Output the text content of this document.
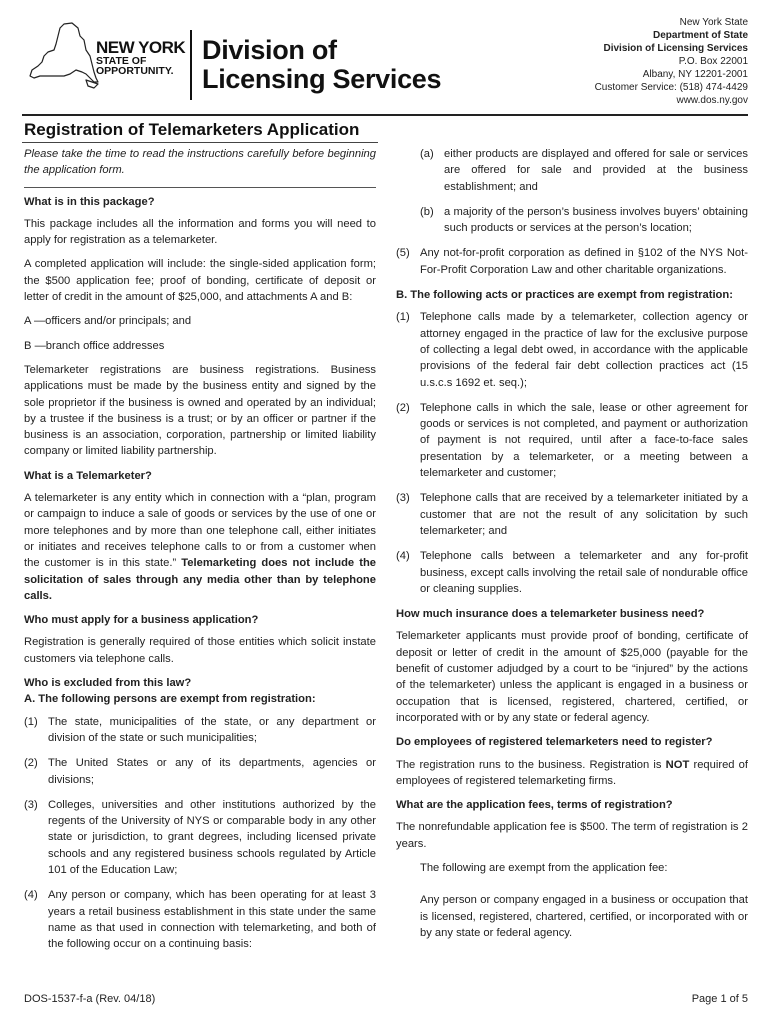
NEW YORK
STATE OF
OPPORTUNITY.
Division of
Licensing Services
New York State
Department of State
Division of Licensing Services
P.O. Box 22001
Albany, NY 12201-2001
Customer Service: (518) 474-4429
www.dos.ny.gov
Registration of Telemarketers Application

Please take the time to read the instructions carefully before beginning the application form.

What is in this package?

This package includes all the information and forms you will need to apply for registration as a telemarketer.

A completed application will include: the single-sided application form; the $500 application fee; proof of bonding, certificate of deposit or letter of credit in the amount of $25,000, and attachments A and B:

A —officers and/or principals; and

B —branch office addresses

Telemarketer registrations are business registrations. Business applications must be made by the business entity and signed by the sole proprietor if the business is owned and operated by an individual; by a trustee if the business is a trust; or by an officer or partner if the business is an association, corporation, partnership or limited liability company or limited liability partnership.

What is a Telemarketer?

A telemarketer is any entity which in connection with a “plan, program or campaign to induce a sale of goods or services by the use of one or more telephones and by more than one telephone call, either initiates or initiates and receives telephone calls to or from a customer when the customer is in this state.” Telemarketing does not include the solicitation of sales through any media other than by telephone calls.

Who must apply for a business application?

Registration is generally required of those entities which solicit instate customers via telephone calls.

Who is excluded from this law?
A. The following persons are exempt from registration:
(1) The state, municipalities of the state, or any department or division of the state or such municipalities;
(2) The United States or any of its departments, agencies or divisions;
(3) Colleges, universities and other institutions authorized by the regents of the University of NYS or comparable body in any other state or jurisdiction, to grant degrees, including licensed private schools and any registered business schools regulated by Article 101 of the Education Law;
(4) Any person or company, which has been operating for at least 3 years a retail business establishment in this state under the same name as that used in connection with telemarketing, and both of the following occur on a continuing basis:
(a) either products are displayed and offered for sale or services are offered for sale and provided at the business establishment; and
(b) a majority of the person’s business involves buyers’ obtaining such products or services at the person’s location;
(5) Any not-for-profit corporation as defined in §102 of the NYS Not-For-Profit Corporation Law and other charitable organizations.
B. The following acts or practices are exempt from registration:
(1) Telephone calls made by a telemarketer, collection agency or attorney engaged in the practice of law for the exclusive purpose of collecting a legal debt owed, in accordance with the applicable provisions of the federal fair debt collection practices act (15 u.s.c.s 1692 et. seq.);
(2) Telephone calls in which the sale, lease or other agreement for goods or services is not completed, and payment or authorization of payment is not required, until after a face-to-face sales presentation by a telemarketer, or a meeting between a telemarketer and customer;
(3) Telephone calls that are received by a telemarketer initiated by a customer that are not the result of any solicitation by such telemarketer; and
(4) Telephone calls between a telemarketer and any for-profit business, except calls involving the retail sale of nondurable office or cleaning supplies.
How much insurance does a telemarketer business need?

Telemarketer applicants must provide proof of bonding, certificate of deposit or letter of credit in the amount of $25,000 (payable for the benefit of customer adjudged by a court to be “injured” by the actions of the telemarketer) unless the applicant is engaged in a business or occupation that is licensed, registered, chartered, certified, or incorporated with or by any state or federal agency.

Do employees of registered telemarketers need to register?

The registration runs to the business. Registration is NOT required of employees of registered telemarketing firms.

What are the application fees, terms of registration?

The nonrefundable application fee is $500. The term of registration is 2 years.

The following are exempt from the application fee:

Any person or company engaged in a business or occupation that is licensed, registered, chartered, certified, or incorporated with or by any state or federal agency.

DOS-1537-f-a (Rev. 04/18)	Page 1 of 5
